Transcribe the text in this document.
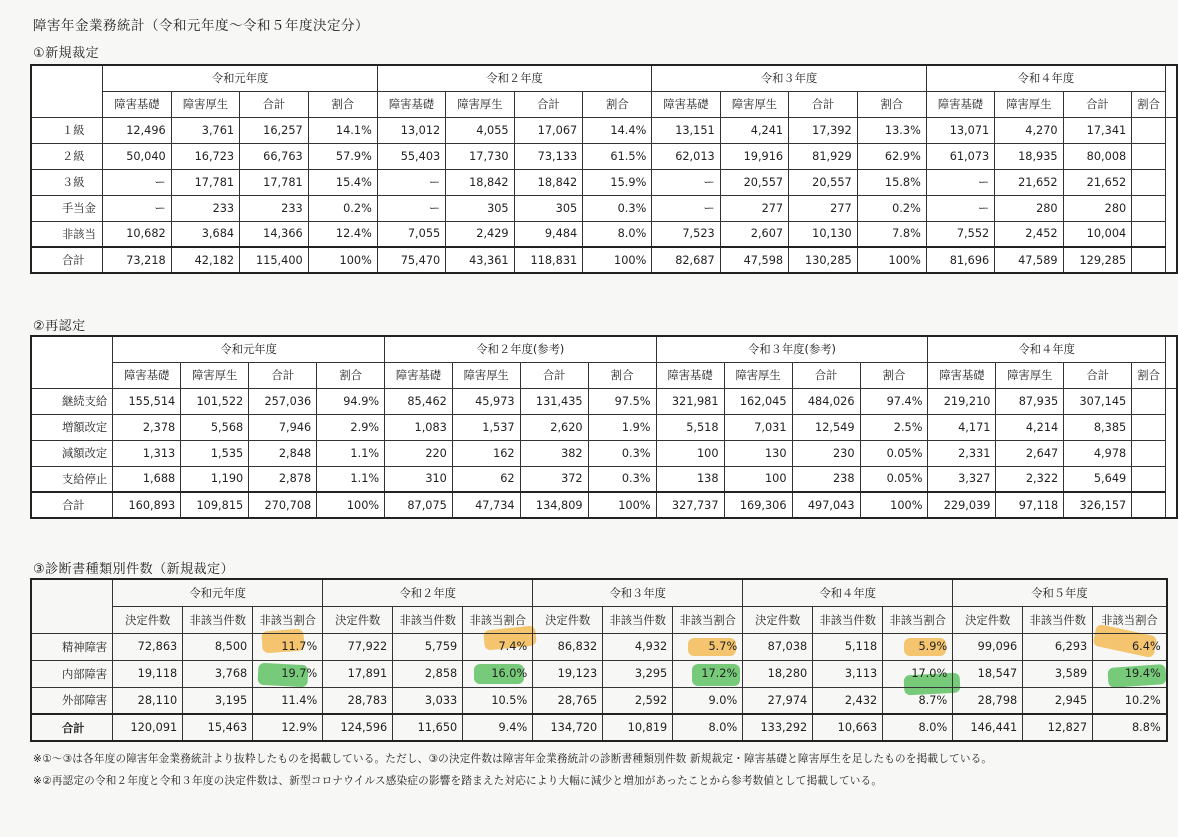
障害年金業務統計（令和元年度～令和５年度決定分）
①新規裁定
	令和元年度				令和２年度				令和３年度				令和４年度				
	障害基礎	障害厚生	合計	割合	障害基礎	障害厚生	合計	割合	障害基礎	障害厚生	合計	割合	障害基礎	障害厚生	合計	割合	
１級	12,496	3,761	16,257	14.1%	13,012	4,055	17,067	14.4%	13,151	4,241	17,392	13.3%	13,071	4,270	17,341		
２級	50,040	16,723	66,763	57.9%	55,403	17,730	73,133	61.5%	62,013	19,916	81,929	62.9%	61,073	18,935	80,008		
３級	ー	17,781	17,781	15.4%	ー	18,842	18,842	15.9%	ー	20,557	20,557	15.8%	ー	21,652	21,652		
手当金	ー	233	233	0.2%	ー	305	305	0.3%	ー	277	277	0.2%	ー	280	280		
非該当	10,682	3,684	14,366	12.4%	7,055	2,429	9,484	8.0%	7,523	2,607	10,130	7.8%	7,552	2,452	10,004		
合計	73,218	42,182	115,400	100%	75,470	43,361	118,831	100%	82,687	47,598	130,285	100%	81,696	47,589	129,285		
②再認定
	令和元年度				令和２年度(参考)				令和３年度(参考)				令和４年度				
	障害基礎	障害厚生	合計	割合	障害基礎	障害厚生	合計	割合	障害基礎	障害厚生	合計	割合	障害基礎	障害厚生	合計	割合	
継続支給	155,514	101,522	257,036	94.9%	85,462	45,973	131,435	97.5%	321,981	162,045	484,026	97.4%	219,210	87,935	307,145		
増額改定	2,378	5,568	7,946	2.9%	1,083	1,537	2,620	1.9%	5,518	7,031	12,549	2.5%	4,171	4,214	8,385		
減額改定	1,313	1,535	2,848	1.1%	220	162	382	0.3%	100	130	230	0.05%	2,331	2,647	4,978		
支給停止	1,688	1,190	2,878	1.1%	310	62	372	0.3%	138	100	238	0.05%	3,327	2,322	5,649		
合計	160,893	109,815	270,708	100%	87,075	47,734	134,809	100%	327,737	169,306	497,043	100%	229,039	97,118	326,157		
③診断書種類別件数（新規裁定）
	令和元年度			令和２年度			令和３年度			令和４年度			令和５年度		
	決定件数	非該当件数	非該当割合	決定件数	非該当件数	非該当割合	決定件数	非該当件数	非該当割合	決定件数	非該当件数	非該当割合	決定件数	非該当件数	非該当割合
精神障害	72,863	8,500	11.7%	77,922	5,759	7.4%	86,832	4,932	5.7%	87,038	5,118	5.9%	99,096	6,293	6.4%
内部障害	19,118	3,768	19.7%	17,891	2,858	16.0%	19,123	3,295	17.2%	18,280	3,113	17.0%	18,547	3,589	19.4%
外部障害	28,110	3,195	11.4%	28,783	3,033	10.5%	28,765	2,592	9.0%	27,974	2,432	8.7%	28,798	2,945	10.2%
合計	120,091	15,463	12.9%	124,596	11,650	9.4%	134,720	10,819	8.0%	133,292	10,663	8.0%	146,441	12,827	8.8%
※①～③は各年度の障害年金業務統計より抜粋したものを掲載している。ただし、③の決定件数は障害年金業務統計の診断書種類別件数 新規裁定・障害基礎と障害厚生を足したものを掲載している。
※②再認定の令和２年度と令和３年度の決定件数は、新型コロナウイルス感染症の影響を踏まえた対応により大幅に減少と増加があったことから参考数値として掲載している。
